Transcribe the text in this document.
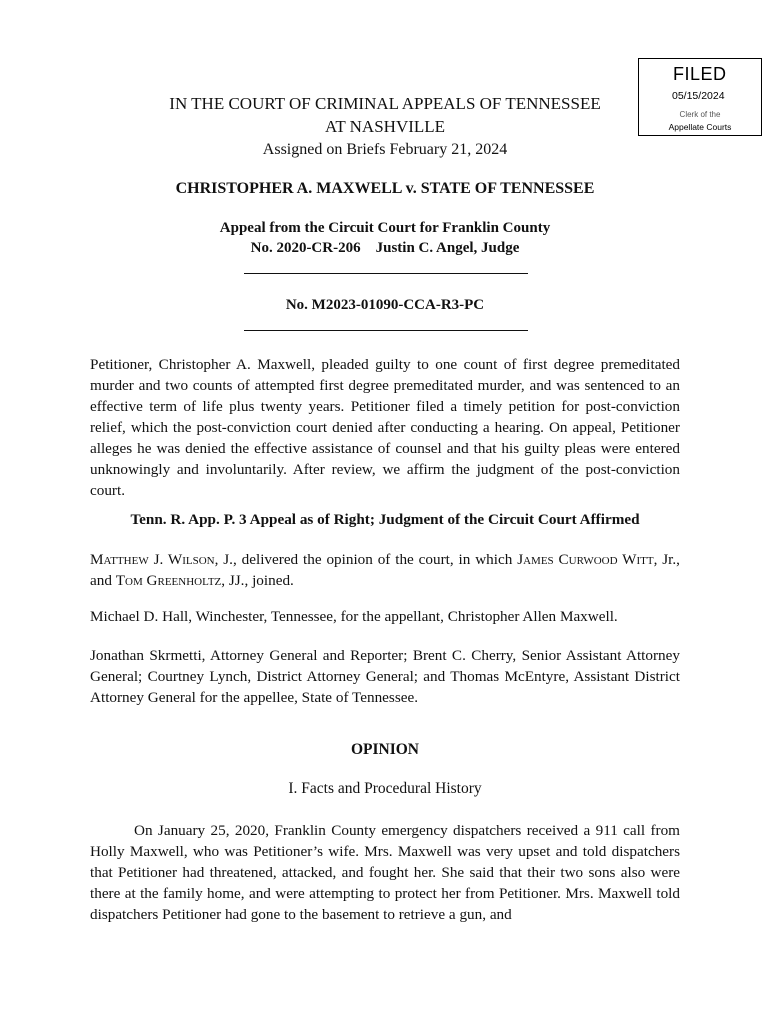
FILED
05/15/2024
Clerk of the
Appellate Courts
IN THE COURT OF CRIMINAL APPEALS OF TENNESSEE
AT NASHVILLE
Assigned on Briefs February 21, 2024
CHRISTOPHER A. MAXWELL v. STATE OF TENNESSEE
Appeal from the Circuit Court for Franklin County
No. 2020-CR-206    Justin C. Angel, Judge
No. M2023-01090-CCA-R3-PC

Petitioner, Christopher A. Maxwell, pleaded guilty to one count of first degree premeditated murder and two counts of attempted first degree premeditated murder, and was sentenced to an effective term of life plus twenty years. Petitioner filed a timely petition for post-conviction relief, which the post-conviction court denied after conducting a hearing. On appeal, Petitioner alleges he was denied the effective assistance of counsel and that his guilty pleas were entered unknowingly and involuntarily. After review, we affirm the judgment of the post-conviction court.

Tenn. R. App. P. 3 Appeal as of Right; Judgment of the Circuit Court Affirmed

Matthew J. Wilson, J., delivered the opinion of the court, in which James Curwood Witt, Jr., and Tom Greenholtz, JJ., joined.

Michael D. Hall, Winchester, Tennessee, for the appellant, Christopher Allen Maxwell.

Jonathan Skrmetti, Attorney General and Reporter; Brent C. Cherry, Senior Assistant Attorney General; Courtney Lynch, District Attorney General; and Thomas McEntyre, Assistant District Attorney General for the appellee, State of Tennessee.

OPINION
I. Facts and Procedural History

On January 25, 2020, Franklin County emergency dispatchers received a 911 call from Holly Maxwell, who was Petitioner’s wife. Mrs. Maxwell was very upset and told dispatchers that Petitioner had threatened, attacked, and fought her. She said that their two sons also were there at the family home, and were attempting to protect her from Petitioner. Mrs. Maxwell told dispatchers Petitioner had gone to the basement to retrieve a gun, and
